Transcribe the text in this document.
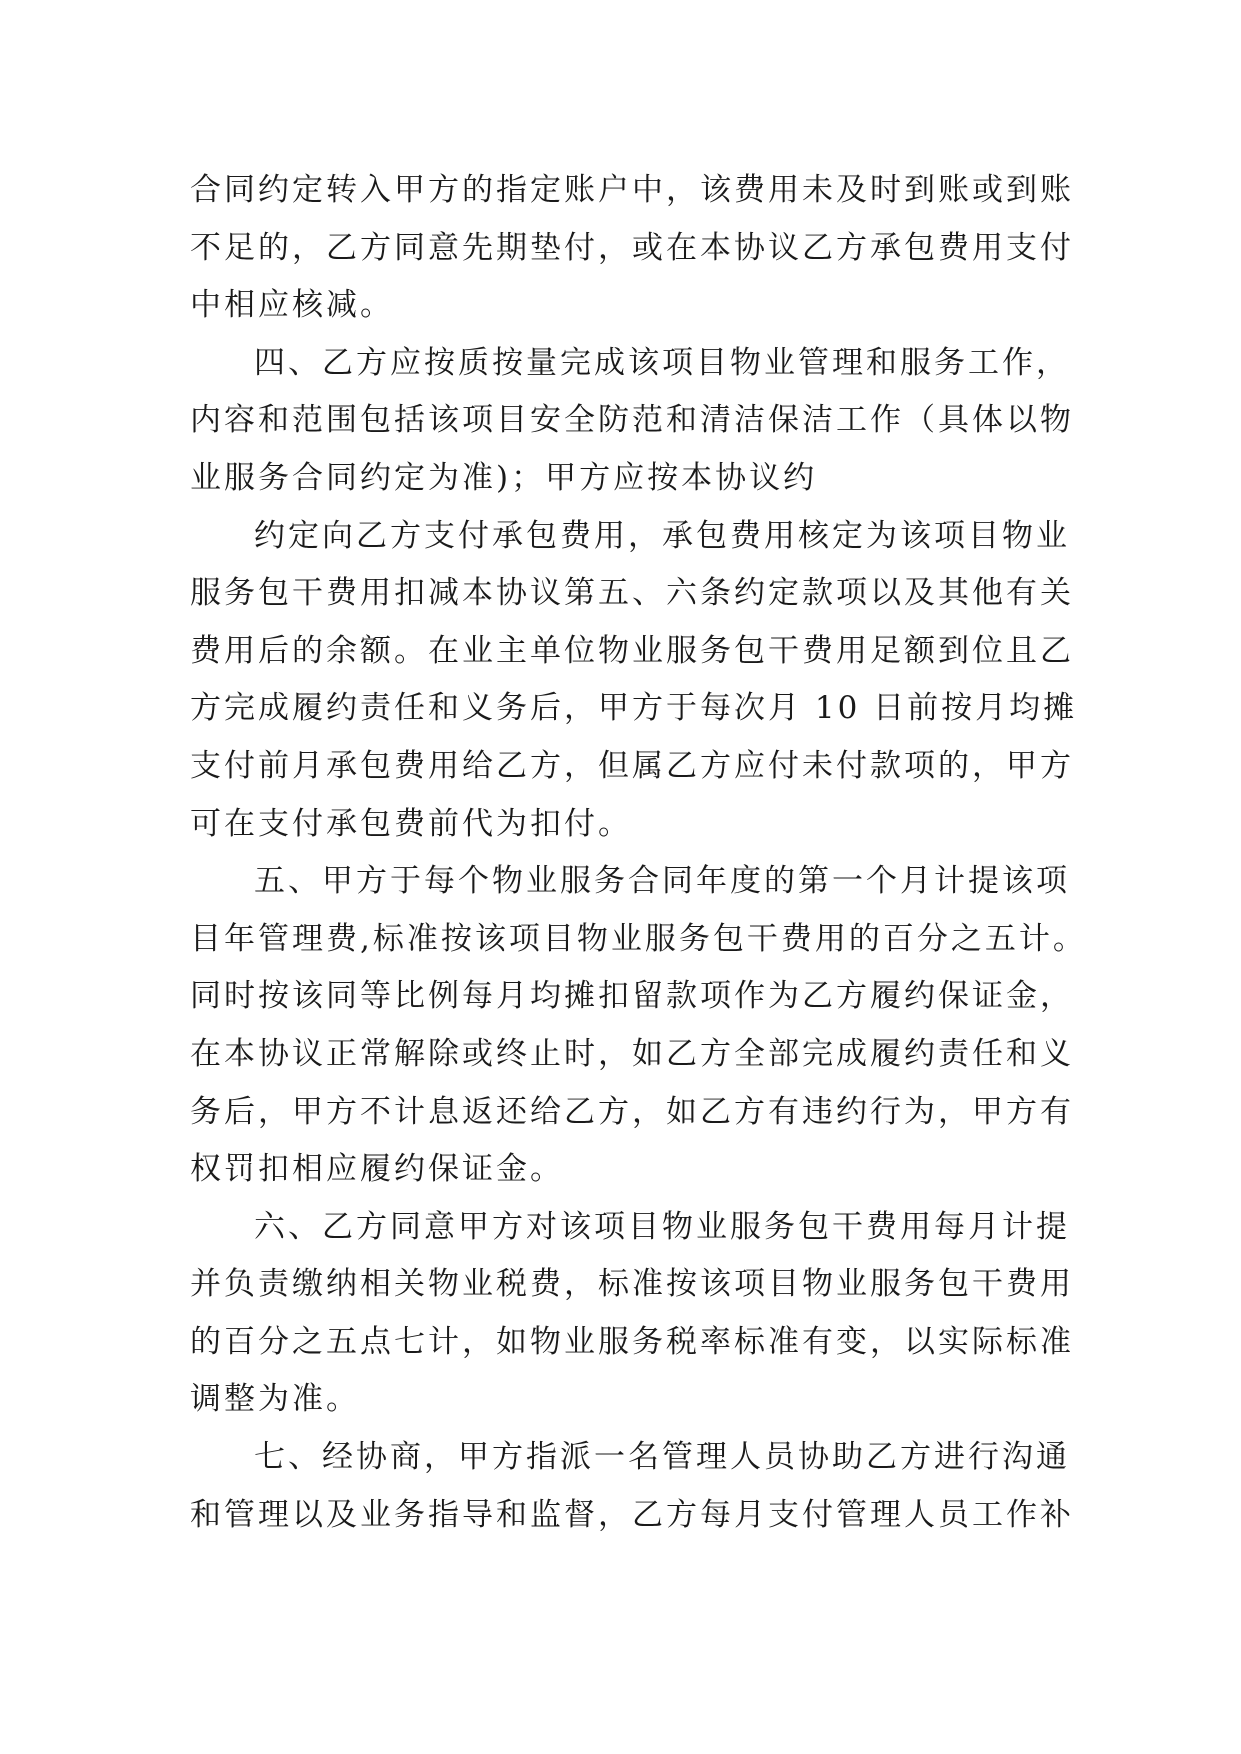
合同约定转入甲方的指定账户中，该费用未及时到账或到账
不足的，乙方同意先期垫付，或在本协议乙方承包费用支付
中相应核减。
四、乙方应按质按量完成该项目物业管理和服务工作，
内容和范围包括该项目安全防范和清洁保洁工作（具体以物
业服务合同约定为准)；甲方应按本协议约
约定向乙方支付承包费用，承包费用核定为该项目物业
服务包干费用扣减本协议第五、六条约定款项以及其他有关
费用后的余额。在业主单位物业服务包干费用足额到位且乙
方完成履约责任和义务后，甲方于每次月 10 日前按月均摊
支付前月承包费用给乙方，但属乙方应付未付款项的，甲方
可在支付承包费前代为扣付。
五、甲方于每个物业服务合同年度的第一个月计提该项
目年管理费,标准按该项目物业服务包干费用的百分之五计。
同时按该同等比例每月均摊扣留款项作为乙方履约保证金，
在本协议正常解除或终止时，如乙方全部完成履约责任和义
务后，甲方不计息返还给乙方，如乙方有违约行为，甲方有
权罚扣相应履约保证金。
六、乙方同意甲方对该项目物业服务包干费用每月计提
并负责缴纳相关物业税费，标准按该项目物业服务包干费用
的百分之五点七计，如物业服务税率标准有变，以实际标准
调整为准。
七、经协商，甲方指派一名管理人员协助乙方进行沟通
和管理以及业务指导和监督，乙方每月支付管理人员工作补
